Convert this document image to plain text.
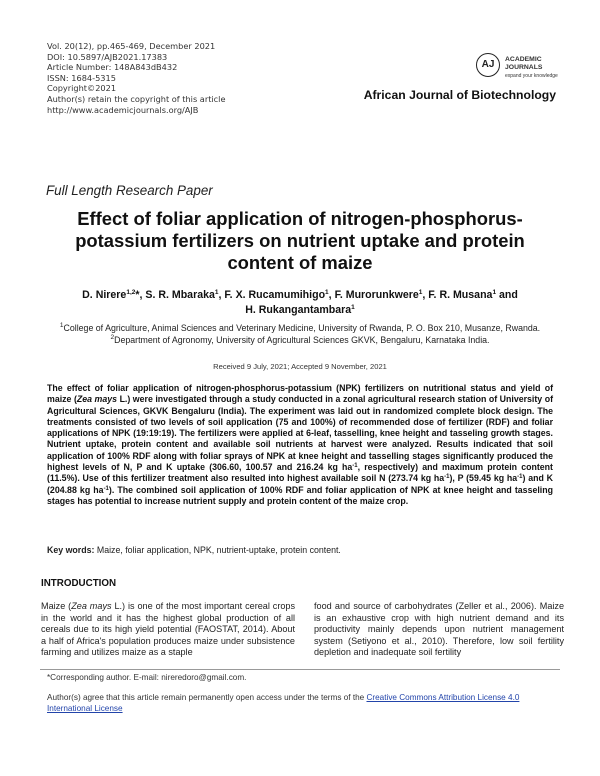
Vol. 20(12), pp.465-469, December 2021
DOI: 10.5897/AJB2021.17383
Article Number: 148A843dB432
ISSN: 1684-5315
Copyright©2021
Author(s) retain the copyright of this article
http://www.academicjournals.org/AJB
AJ	ACADEMIC
JOURNALS
expand your knowledge
African Journal of Biotechnology
Full Length Research Paper
Effect of foliar application of nitrogen-phosphorus-potassium fertilizers on nutrient uptake and protein content of maize
D. Nirere$^{1,2}$*, S. R. Mbaraka$^1$, F. X. Rucamumihigo$^1$, F. Murorunkwere$^1$, F. R. Musana$^1$ and
H. Rukangantambara$^1$
$^1$College of Agriculture, Animal Sciences and Veterinary Medicine, University of Rwanda, P. O. Box 210, Musanze, Rwanda.
$^2$Department of Agronomy, University of Agricultural Sciences GKVK, Bengaluru, Karnataka India.
Received 9 July, 2021; Accepted 9 November, 2021
The effect of foliar application of nitrogen-phosphorus-potassium (NPK) fertilizers on nutritional status and yield of maize (Zea mays L.) were investigated through a study conducted in a zonal agricultural research station of University of Agricultural Sciences, GKVK Bengaluru (India). The experiment was laid out in randomized complete block design. The treatments consisted of two levels of soil application (75 and 100%) of recommended dose of fertilizer (RDF) and foliar applications of NPK (19:19:19). The fertilizers were applied at 6-leaf, tasselling, knee height and tasseling growth stages. Nutrient uptake, protein content and available soil nutrients at harvest were analyzed. Results indicated that soil application of 100% RDF along with foliar sprays of NPK at knee height and tasselling stages significantly produced the highest levels of N, P and K uptake (306.60, 100.57 and 216.24 kg $ha^{-1}$, respectively) and maximum protein content (11.5%). Use of this fertilizer treatment also resulted into highest available soil N (273.74 kg $ha^{-1}$), P (59.45 kg $ha^{-1}$) and K (204.88 kg $ha^{-1}$). The combined soil application of 100% RDF and foliar application of NPK at knee height and tasseling stages has potential to increase nutrient supply and protein content of the maize crop.
Key words: Maize, foliar application, NPK, nutrient-uptake, protein content.
INTRODUCTION
Maize (Zea mays L.) is one of the most important cereal crops in the world and it has the highest global production of all cereals due to its high yield potential (FAOSTAT, 2014). About a half of Africa's population produces maize under subsistence farming and utilizes maize as a staple
food and source of carbohydrates (Zeller et al., 2006). Maize is an exhaustive crop with high nutrient demand and its productivity mainly depends upon nutrient management system (Setiyono et al., 2010). Therefore, low soil fertility depletion and inadequate soil fertility
*Corresponding author. E-mail: nireredoro@gmail.com.
Author(s) agree that this article remain permanently open access under the terms of the Creative Commons Attribution License 4.0 International License
